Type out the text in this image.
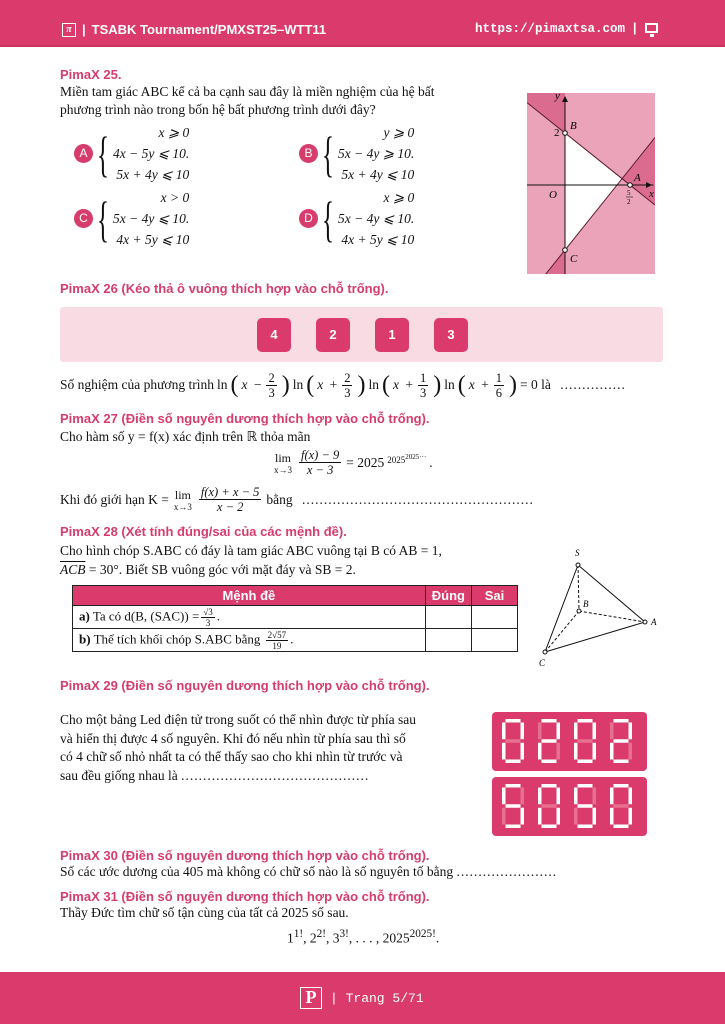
π | TSABK Tournament/PMXST25–WTT11	https://pimaxtsa.com |
PimaX 25.
Miền tam giác ABC kể cả ba cạnh sau đây là miền nghiệm của hệ bất
phương trình nào trong bốn hệ bất phương trình dưới đây?
A {	x ⩾ 0
4x − 5y ⩽ 10.
5x + 4y ⩽ 10
B {	y ⩾ 0
5x − 4y ⩾ 10.
5x + 4y ⩽ 10
C {	x > 0
5x − 4y ⩽ 10.
4x + 5y ⩽ 10
D {	x ⩾ 0
5x − 4y ⩽ 10.
4x + 5y ⩽ 10
y
x
O
B
A
C
2
5
2
PimaX 26 (Kéo thả ô vuông thích hợp vào chỗ trống).
4	2	1	3
Số nghiệm của phương trình ln ( $x - \frac{2}{3}$ ) ln ( $x + \frac{2}{3}$ ) ln ( $x + \frac{1}{3}$ ) ln ( $x + \frac{1}{6}$ ) = 0 là
...............
PimaX 27 (Điền số nguyên dương thích hợp vào chỗ trống).
Cho hàm số y = f(x) xác định trên ℝ thỏa mãn
lim
$x\to 3 \frac{f(x) - 9}{x - 3} = 2025$ $^{2025^{2025\cdot\cdot\cdot}}$ .
Khi đó giới hạn K = lim
$x\to 3 \frac{f(x) + x - 5}{x - 2}$ bằng
.....................................................
PimaX 28 (Xét tính đúng/sai của các mệnh đề).
Cho hình chóp S.ABC có đáy là tam giác ABC vuông tại B có AB = 1,
$\overline{ACB} = 30^\circ$. Biết SB vuông góc với mặt đáy và SB = 2.
Mệnh đề	Đúng	Sai
a) Ta có d(B, $(SAC)) = \frac{√3}{3}$ .		
b) Thể tích khối chóp S.ABC bằng $\frac{2√57}{19}$ .		
S
A
B
C
PimaX 29 (Điền số nguyên dương thích hợp vào chỗ trống).
Cho một bảng Led điện tử trong suốt có thể nhìn được từ phía sau
và hiển thị được 4 số nguyên. Khi đó nếu nhìn từ phía sau thì số
có 4 chữ số nhỏ nhất ta có thể thấy sao cho khi nhìn từ trước và
sau đều giống nhau là ...........................................
PimaX 30 (Điền số nguyên dương thích hợp vào chỗ trống).
Số các ước dương của 405 mà không có chữ số nào là số nguyên tố bằng .......................
PimaX 31 (Điền số nguyên dương thích hợp vào chỗ trống).
Thầy Đức tìm chữ số tận cùng của tất cả 2025 số sau.
$1^{1!}$, $2^{2!}$, $3^{3!}$, . . . , $2025^{2025!}$.
P	| Trang 5/71
